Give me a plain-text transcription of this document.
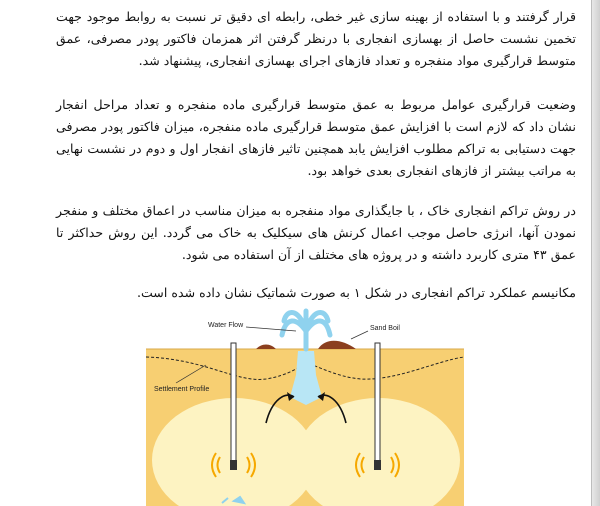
قرار گرفتند و با استفاده از بهینه سازی غیر خطی، رابطه ای دقیق تر نسبت به روابط موجود جهت تخمین نشست حاصل از بهسازی انفجاری با درنظر گرفتن اثر همزمان فاکتور پودر مصرفی، عمق متوسط قرارگیری مواد منفجره و تعداد فازهای اجرای بهسازی انفجاری، پیشنهاد شد.

وضعیت قرارگیری عوامل مربوط به عمق متوسط قرارگیری ماده منفجره و تعداد مراحل انفجار نشان داد که لازم است با افزایش عمق متوسط قرارگیری ماده منفجره، میزان فاکتور پودر مصرفی جهت دستیابی به تراکم مطلوب افزایش یابد همچنین تاثیر فازهای انفجار اول و دوم در نشست نهایی به مراتب بیشتر از فازهای انفجاری بعدی خواهد بود.

در روش تراکم انفجاری خاک ، با جایگذاری مواد منفجره به میزان مناسب در اعماق مختلف و منفجر نمودن آنها، انرژی حاصل موجب اعمال کرنش های سیکلیک به خاک می گردد. این روش حداکثر تا عمق ۴۳ متری کاربرد داشته و در پروژه های مختلف از آن استفاده می شود.

مکانیسم عملکرد تراکم انفجاری در شکل ۱ به صورت شماتیک نشان داده شده است.

Water Flow	Sand Boil
Settlement Profile
